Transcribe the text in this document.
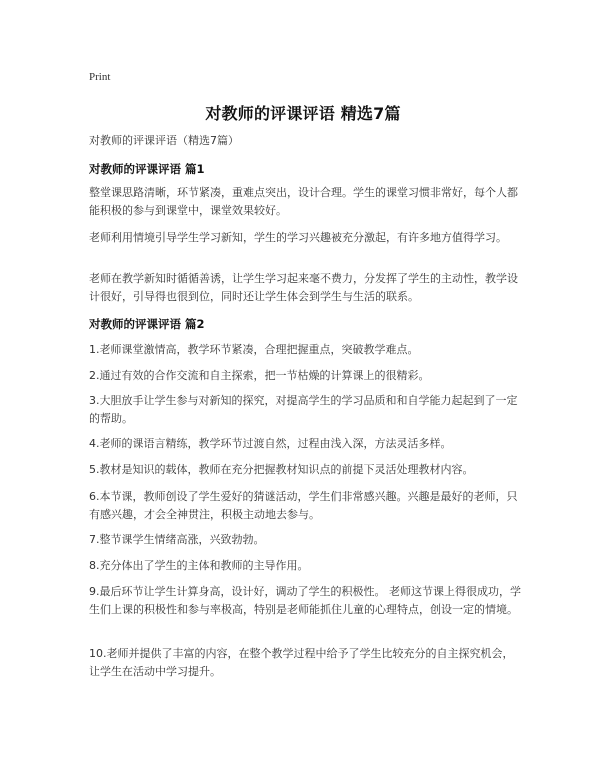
Print
对教师的评课评语 精选7篇
对教师的评课评语（精选7篇）
对教师的评课评语 篇1

整堂课思路清晰，环节紧凑，重难点突出，设计合理。学生的课堂习惯非常好，每个人都能积极的参与到课堂中，课堂效果较好。

老师利用情境引导学生学习新知，学生的学习兴趣被充分激起，有许多地方值得学习。

老师在教学新知时循循善诱，让学生学习起来毫不费力，分发挥了学生的主动性，教学设计很好，引导得也很到位，同时还让学生体会到学生与生活的联系。

对教师的评课评语 篇2

1.老师课堂激情高，教学环节紧凑，合理把握重点，突破教学难点。

2.通过有效的合作交流和自主探索，把一节枯燥的计算课上的很精彩。

3.大胆放手让学生参与对新知的探究，对提高学生的学习品质和和自学能力起起到了一定的帮助。

4.老师的课语言精练，教学环节过渡自然，过程由浅入深，方法灵活多样。

5.教材是知识的载体，教师在充分把握教材知识点的前提下灵活处理教材内容。

6.本节课，教师创设了学生爱好的猜谜活动，学生们非常感兴趣。兴趣是最好的老师，只有感兴趣，才会全神贯注，积极主动地去参与。

7.整节课学生情绪高涨，兴致勃勃。

8.充分体出了学生的主体和教师的主导作用。

9.最后环节让学生计算身高，设计好，调动了学生的积极性。 老师这节课上得很成功，学生们上课的积极性和参与率极高，特别是老师能抓住儿童的心理特点，创设一定的情境。

10.老师并提供了丰富的内容，在整个教学过程中给予了学生比较充分的自主探究机会，让学生在活动中学习提升。
